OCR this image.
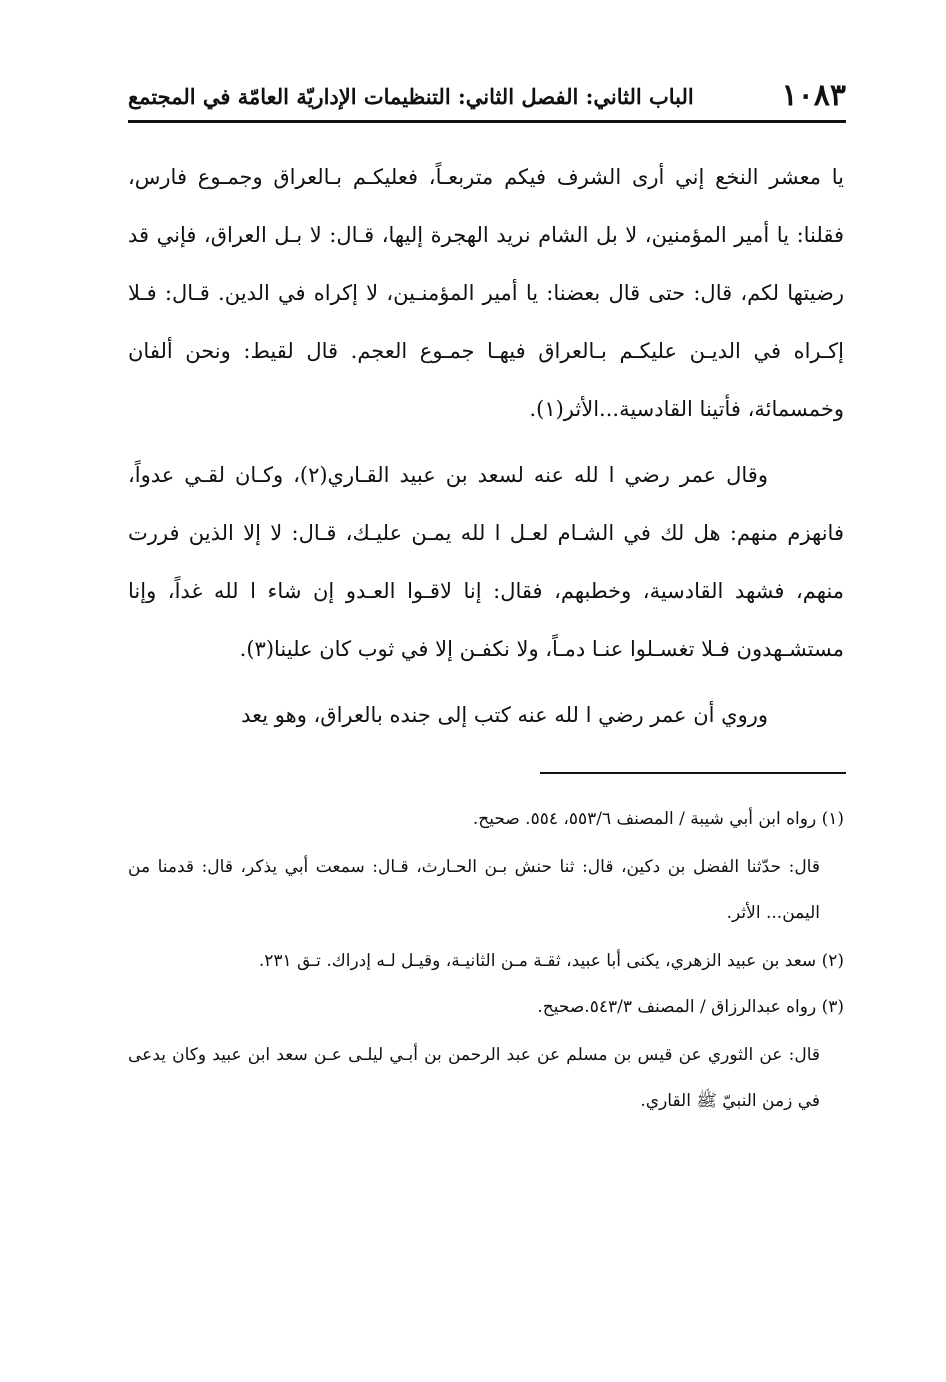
١٠٨٣
الباب الثاني: الفصل الثاني: التنظيمات الإداريّة العامّة في المجتمع

يا معشر النخع إني أرى الشرف فيكم متربعـاً، فعليكـم بـالعراق وجمـوع فارس، فقلنا: يا أمير المؤمنين، لا بل الشام نريد الهجرة إليها، قـال: لا بـل العراق، فإني قد رضيتها لكم، قال: حتى قال بعضنا: يا أمير المؤمنـين، لا إكراه في الدين. قـال: فـلا إكـراه في الديـن عليكـم بـالعراق فيهـا جمـوع العجم. قال لقيط: ونحن ألفان وخمسمائة، فأتينا القادسية...الأثر(١).

وقال عمر رضي ا لله عنه لسعد بن عبيد القـاري(٢)، وكـان لقـي عدواً، فانهزم منهم: هل لك في الشـام لعـل ا لله يمـن عليـك، قـال: لا إلا الذين فررت منهم، فشهد القادسية، وخطبهم، فقال: إنا لاقـوا العـدو إن شاء ا لله غداً، وإنا مستشـهدون فـلا تغسـلوا عنـا دمـاً، ولا نكفـن إلا في ثوب كان علينا(٣).

وروي أن عمر رضي ا لله عنه كتب إلى جنده بالعراق، وهو يعد

(١) رواه ابن أبي شيبة / المصنف ٥٥٣/٦، ٥٥٤. صحيح.

قال: حدّثنا الفضل بن دكين، قال: ثنا حنش بـن الحـارث، قـال: سمعت أبي يذكر، قال: قدمنا من اليمن... الأثر.

(٢) سعد بن عبيد الزهري، يكنى أبا عبيد، ثقـة مـن الثانيـة، وقيـل لـه إدراك. تـق ٢٣١.

(٣) رواه عبدالرزاق / المصنف ٥٤٣/٣.صحيح.

قال: عن الثوري عن قيس بن مسلم عن عبد الرحمن بن أبـي ليلـى عـن سعد ابن عبيد وكان يدعى في زمن النبيّ ﷺ القاري.
